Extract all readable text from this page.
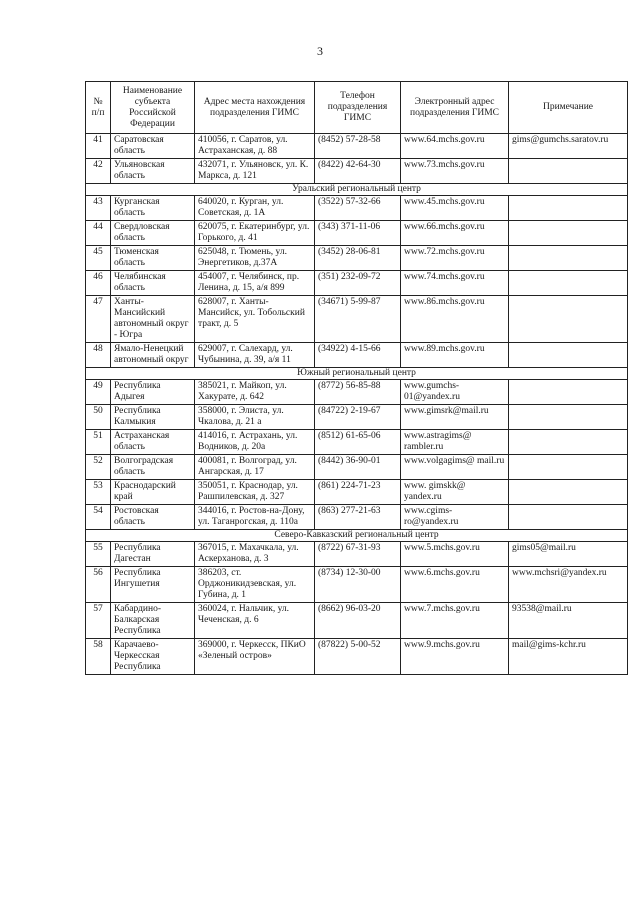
3
№ п/п	Наименование субъекта Российской Федерации	Адрес места нахождения подразделения ГИМС	Телефон подразделения ГИМС	Электронный адрес подразделения ГИМС	Примечание
41	Саратовская область	410056, г. Саратов, ул. Астраханская, д. 88	(8452) 57-28-58	www.64.mchs.gov.ru	gims@gumchs.saratov.ru
42	Ульяновская область	432071, г. Ульяновск, ул. К. Маркса, д. 121	(8422) 42-64-30	www.73.mchs.gov.ru	
Уральский региональный центр					
43	Курганская область	640020, г. Курган, ул. Советская, д. 1А	(3522) 57-32-66	www.45.mchs.gov.ru	
44	Свердловская область	620075, г. Екатеринбург, ул. Горького, д. 41	(343) 371-11-06	www.66.mchs.gov.ru	
45	Тюменская область	625048, г. Тюмень, ул. Энергетиков, д.37А	(3452) 28-06-81	www.72.mchs.gov.ru	
46	Челябинская область	454007, г. Челябинск, пр. Ленина, д. 15, а/я 899	(351) 232-09-72	www.74.mchs.gov.ru	
47	Ханты-Мансийский автономный округ - Югра	628007, г. Ханты-Мансийск, ул. Тобольский тракт, д. 5	(34671) 5-99-87	www.86.mchs.gov.ru	
48	Ямало-Ненецкий автономный округ	629007, г. Салехард, ул. Чубынина, д. 39, а/я 11	(34922) 4-15-66	www.89.mchs.gov.ru	
Южный региональный центр					
49	Республика Адыгея	385021, г. Майкоп, ул. Хакурате, д. 642	(8772) 56-85-88	www.gumchs-01@yandex.ru	
50	Республика Калмыкия	358000, г. Элиста, ул. Чкалова, д. 21 а	(84722) 2-19-67	www.gimsrk@mail.ru	
51	Астраханская область	414016, г. Астрахань, ул. Водников, д. 20а	(8512) 61-65-06	www.astragims@ rambler.ru	
52	Волгоградская область	400081, г. Волгоград, ул. Ангарская, д. 17	(8442) 36-90-01	www.volgagims@ mail.ru	
53	Краснодарский край	350051, г. Краснодар, ул. Рашпилевская, д. 327	(861) 224-71-23	www. gimskk@ yandex.ru	
54	Ростовская область	344016, г. Ростов-на-Дону, ул. Таганрогская, д. 110а	(863) 277-21-63	www.cgims-ro@yandex.ru	
Северо-Кавказский региональный центр					
55	Республика Дагестан	367015, г. Махачкала, ул. Аскерханова, д. 3	(8722) 67-31-93	www.5.mchs.gov.ru	gims05@mail.ru
56	Республика Ингушетия	386203, ст. Орджоникидзевская, ул. Губина, д. 1	(8734) 12-30-00	www.6.mchs.gov.ru	www.mchsri@yandex.ru
57	Кабардино-Балкарская Республика	360024, г. Нальчик, ул. Чеченская, д. 6	(8662) 96-03-20	www.7.mchs.gov.ru	93538@mail.ru
58	Карачаево-Черкесская Республика	369000, г. Черкесск, ПКиО «Зеленый остров»	(87822) 5-00-52	www.9.mchs.gov.ru	mail@gims-kchr.ru
